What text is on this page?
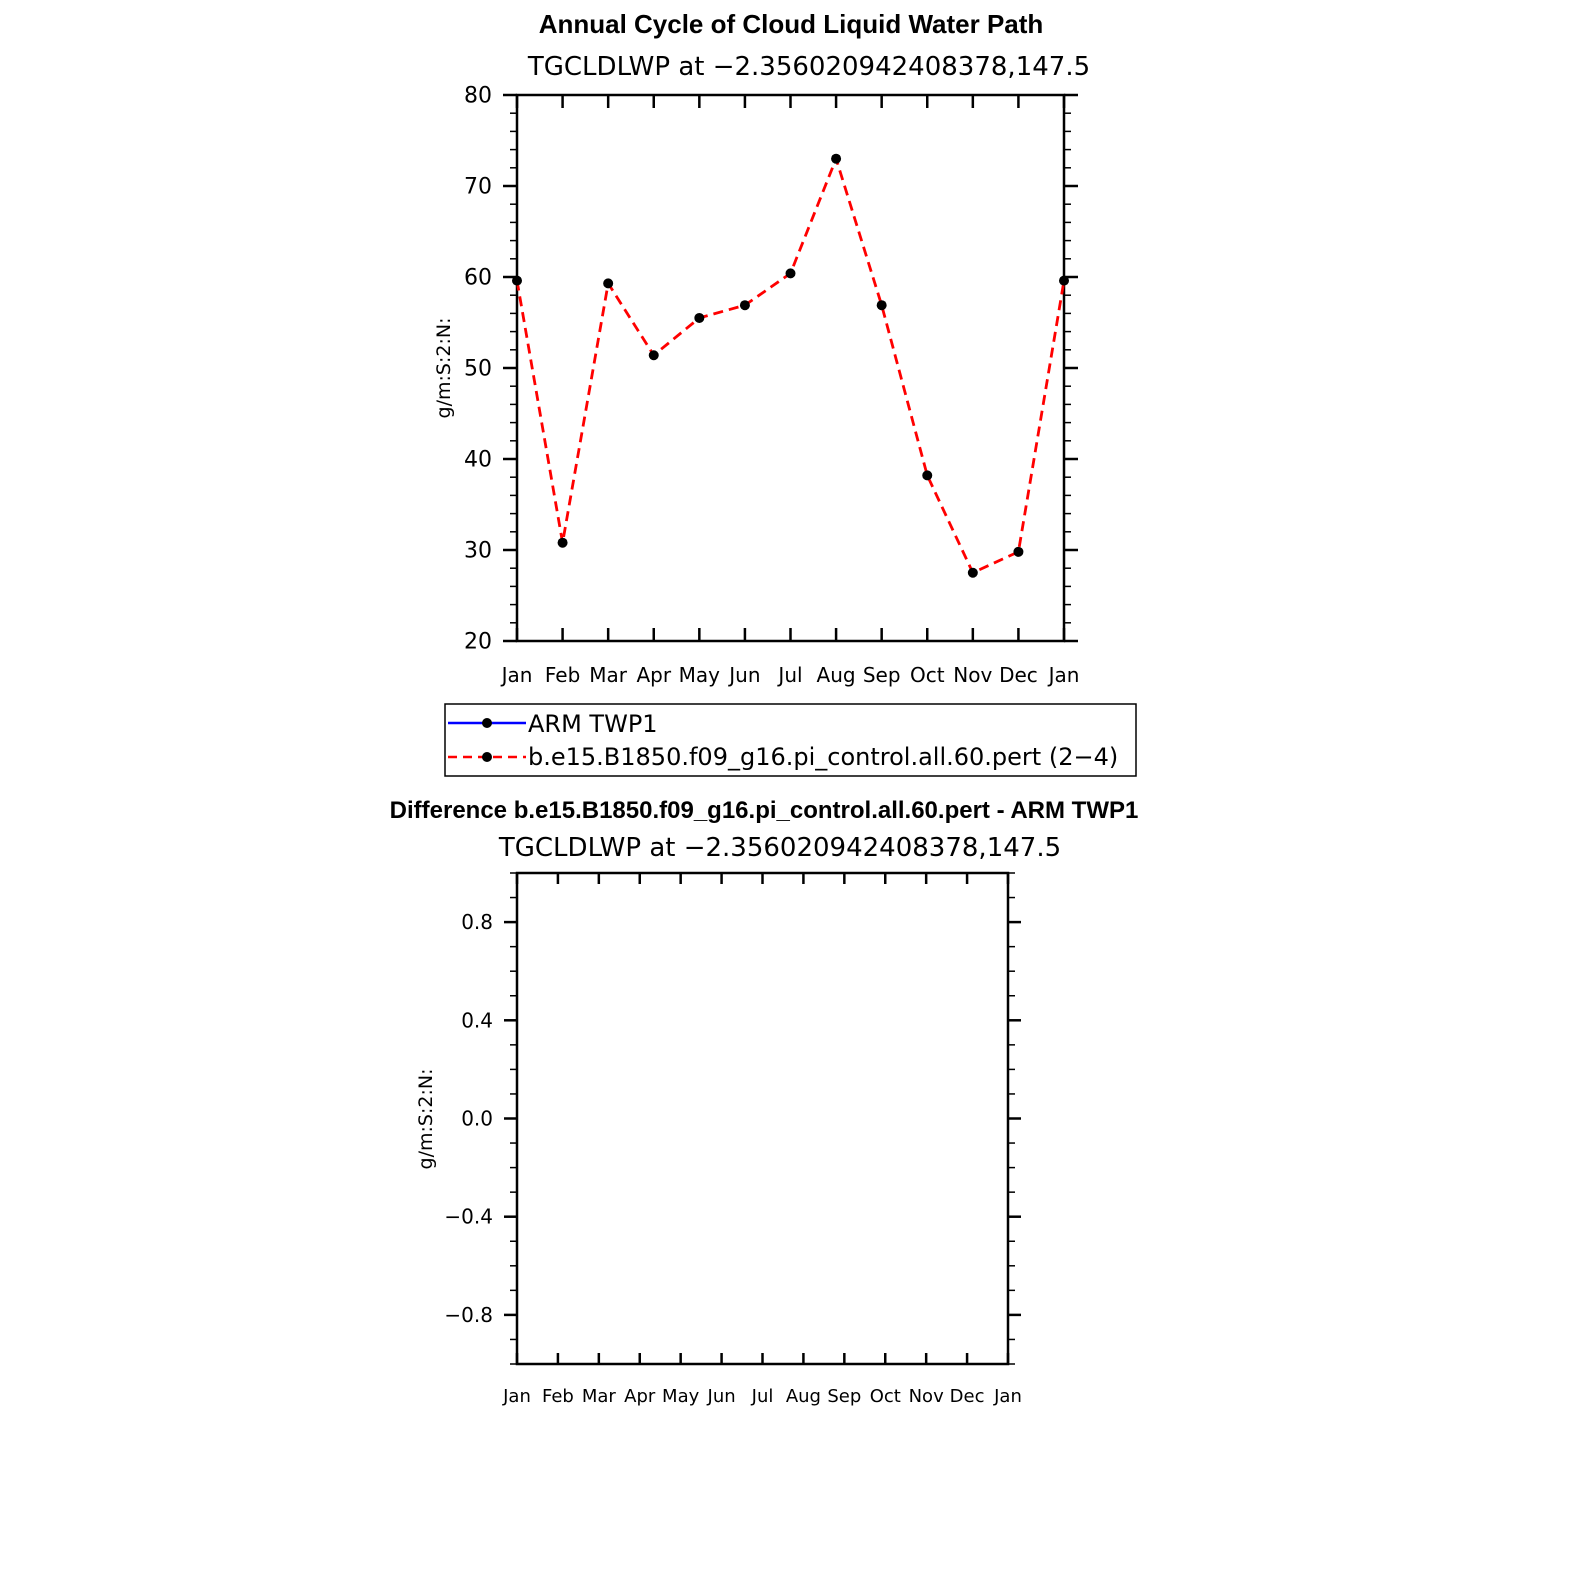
Annual Cycle of Cloud Liquid Water Path
TGCLDLWP at −2.356020942408378,147.5
Jan Feb Mar Apr May Jun Jul Aug Sep Oct Nov Dec Jan
20
30
40
50
60
70
80
g/m:S:2:N:
ARM TWP1
b.e15.B1850.f09_g16.pi_control.all.60.pert (2−4)
Difference b.e15.B1850.f09_g16.pi_control.all.60.pert - ARM TWP1
TGCLDLWP at −2.356020942408378,147.5
Jan Feb Mar Apr May Jun Jul Aug Sep Oct Nov Dec Jan
−0.8
−0.4
0.0
0.4
0.8
g/m:S:2:N:
